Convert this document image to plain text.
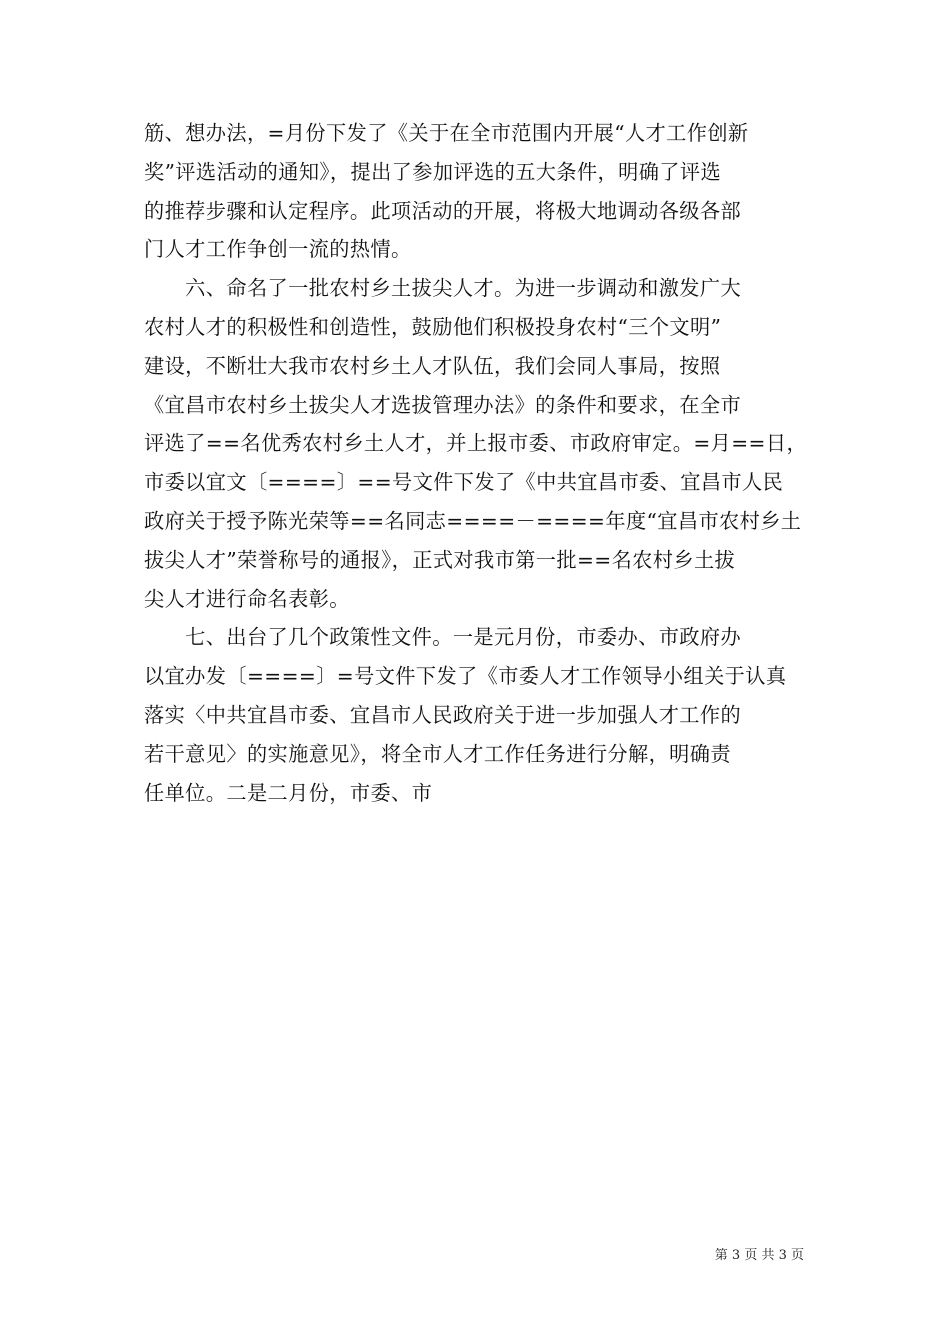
筋、想办法，=月份下发了《关于在全市范围内开展“人才工作创新
奖”评选活动的通知》，提出了参加评选的五大条件，明确了评选
的推荐步骤和认定程序。此项活动的开展，将极大地调动各级各部
门人才工作争创一流的热情。
　　六、命名了一批农村乡土拔尖人才。为进一步调动和激发广大
农村人才的积极性和创造性，鼓励他们积极投身农村“三个文明”
建设，不断壮大我市农村乡土人才队伍，我们会同人事局，按照
《宜昌市农村乡土拔尖人才选拔管理办法》的条件和要求，在全市
评选了==名优秀农村乡土人才，并上报市委、市政府审定。=月==日，
市委以宜文〔====〕==号文件下发了《中共宜昌市委、宜昌市人民
政府关于授予陈光荣等==名同志====－====年度“宜昌市农村乡土
拔尖人才”荣誉称号的通报》，正式对我市第一批==名农村乡土拔
尖人才进行命名表彰。
　　七、出台了几个政策性文件。一是元月份，市委办、市政府办
以宜办发〔====〕=号文件下发了《市委人才工作领导小组关于认真
落实〈中共宜昌市委、宜昌市人民政府关于进一步加强人才工作的
若干意见〉的实施意见》，将全市人才工作任务进行分解，明确责
任单位。二是二月份，市委、市
第 3 页 共 3 页
